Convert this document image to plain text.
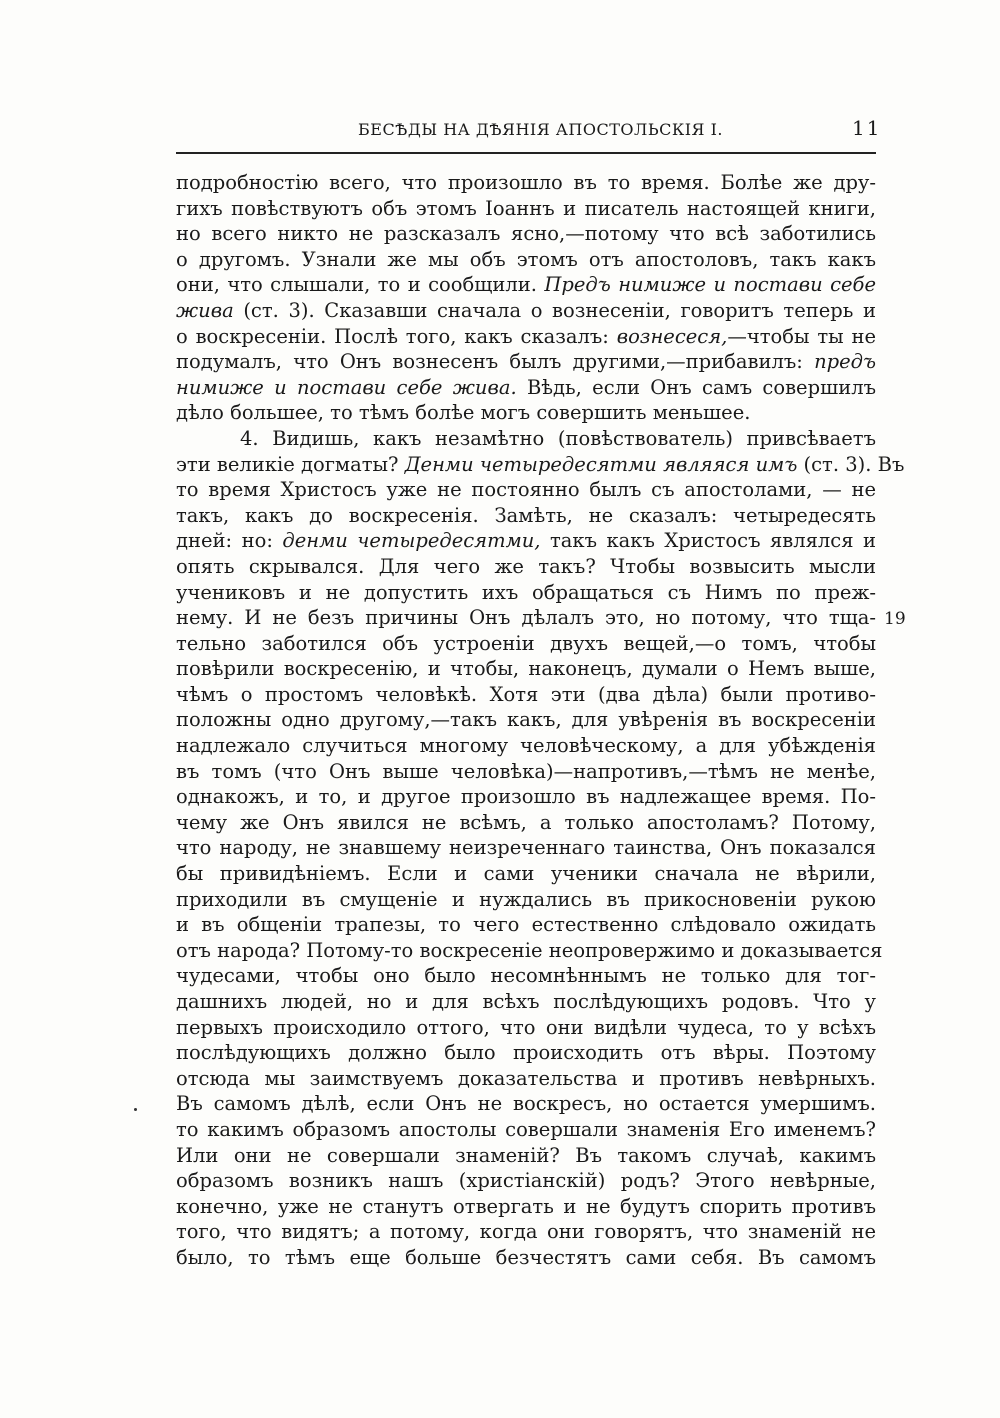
БЕСѢДЫ НА ДѢЯНІЯ АПОСТОЛЬСКІЯ I.	11
подробностію всего, что произошло въ то время. Болѣе же дру-
гихъ повѣствуютъ объ этомъ Іоаннъ и писатель настоящей книги,
но всего никто не разсказалъ ясно,—потому что всѣ заботились
о другомъ. Узнали же мы объ этомъ отъ апостоловъ, такъ какъ
они, что слышали, то и сообщили. Предъ нимиже и постави себе
жива (ст. 3). Сказавши сначала о вознесеніи, говоритъ теперь и
о воскресеніи. Послѣ того, какъ сказалъ: вознесеся,—чтобы ты не
подумалъ, что Онъ вознесенъ былъ другими,—прибавилъ: предъ
нимиже и постави себе жива. Вѣдь, если Онъ самъ совершилъ
дѣло большее, то тѣмъ болѣе могъ совершить меньшее.
4. Видишь, какъ незамѣтно (повѣствователь) привсѣваетъ
эти великіе догматы? Денми четыредесятми являяся имъ (ст. 3). Въ
то время Христосъ уже не постоянно былъ съ апостолами, — не
такъ, какъ до воскресенія. Замѣть, не сказалъ: четыредесять
дней: но: денми четыредесятми, такъ какъ Христосъ являлся и
опять скрывался. Для чего же такъ? Чтобы возвысить мысли
учениковъ и не допустить ихъ обращаться съ Нимъ по преж-
нему. И не безъ причины Онъ дѣлалъ это, но потому, что тща-
тельно заботился объ устроеніи двухъ вещей,—о томъ, чтобы
повѣрили воскресенію, и чтобы, наконецъ, думали о Немъ выше,
чѣмъ о простомъ человѣкѣ. Хотя эти (два дѣла) были противо-
положны одно другому,—такъ какъ, для увѣренія въ воскресеніи
надлежало случиться многому человѣческому, а для убѣжденія
въ томъ (что Онъ выше человѣка)—напротивъ,—тѣмъ не менѣе,
однакожъ, и то, и другое произошло въ надлежащее время. По-
чему же Онъ явился не всѣмъ, а только апостоламъ? Потому,
что народу, не знавшему неизреченнаго таинства, Онъ показался
бы привидѣніемъ. Если и сами ученики сначала не вѣрили,
приходили въ смущеніе и нуждались въ прикосновеніи рукою
и въ общеніи трапезы, то чего естественно слѣдовало ожидать
отъ народа? Потому-то воскресеніе неопровержимо и доказывается
чудесами, чтобы оно было несомнѣннымъ не только для тог-
дашнихъ людей, но и для всѣхъ послѣдующихъ родовъ. Что у
первыхъ происходило оттого, что они видѣли чудеса, то у всѣхъ
послѣдующихъ должно было происходить отъ вѣры. Поэтому
отсюда мы заимствуемъ доказательства и противъ невѣрныхъ.
Въ самомъ дѣлѣ, если Онъ не воскресъ, но остается умершимъ.
то какимъ образомъ апостолы совершали знаменія Его именемъ?
Или они не совершали знаменій? Въ такомъ случаѣ, какимъ
образомъ возникъ нашъ (христіанскій) родъ? Этого невѣрные,
конечно, уже не станутъ отвергать и не будутъ спорить противъ
того, что видятъ; а потому, когда они говорятъ, что знаменій не
было, то тѣмъ еще больше безчестятъ сами себя. Въ самомъ
19
